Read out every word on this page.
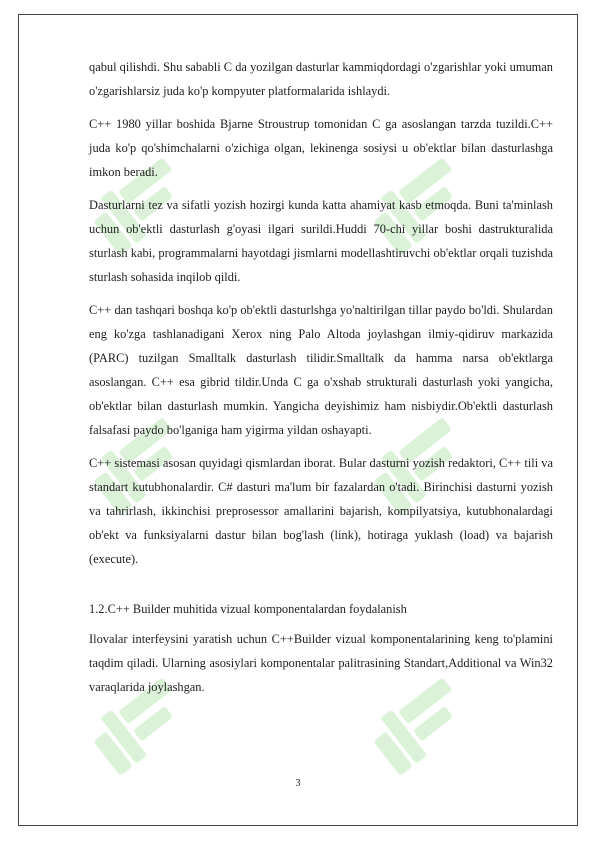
qabul qilishdi. Shu sababli C da yozilgan dasturlar kammiqdordagi o'zgarishlar yoki umuman o'zgarishlarsiz juda ko'p kompyuter platformalarida ishlaydi.

C++ 1980 yillar boshida Bjarne Stroustrup tomonidan C ga asoslangan tarzda tuzildi.C++ juda ko'p qo'shimchalarni o'zichiga olgan, lekinenga sosiysi u ob'ektlar bilan dasturlashga imkon beradi.

Dasturlarni tez va sifatli yozish hozirgi kunda katta ahamiyat kasb etmoqda. Buni ta'minlash uchun ob'ektli dasturlash g'oyasi ilgari surildi.Huddi 70-chi yillar boshi dastrukturalida sturlash kabi, programmalarni hayotdagi jismlarni modellashtiruvchi ob'ektlar orqali tuzishda sturlash sohasida inqilob qildi.

C++ dan tashqari boshqa ko'p ob'ektli dasturlshga yo'naltirilgan tillar paydo bo'ldi. Shulardan eng ko'zga tashlanadigani Xerox ning Palo Altoda joylashgan ilmiy-qidiruv markazida (PARC) tuzilgan Smalltalk dasturlash tilidir.Smalltalk da hamma narsa ob'ektlarga asoslangan. C++ esa gibrid tildir.Unda C ga o'xshab strukturali dasturlash yoki yangicha, ob'ektlar bilan dasturlash mumkin. Yangicha deyishimiz ham nisbiydir.Ob'ektli dasturlash falsafasi paydo bo'lganiga ham yigirma yildan oshayapti.

C++ sistemasi asosan quyidagi qismlardan iborat. Bular dasturni yozish redaktori, C++ tili va standart kutubhonalardir. C# dasturi ma'lum bir fazalardan o'tadi. Birinchisi dasturni yozish va tahrirlash, ikkinchisi preprosessor amallarini bajarish, kompilyatsiya, kutubhonalardagi ob'ekt va funksiyalarni dastur bilan bog'lash (link), hotiraga yuklash (load) va bajarish (execute).

1.2.C++ Builder muhitida vizual komponentalardan foydalanish

Ilovalar interfeysini yaratish uchun C++Builder vizual komponentalarining keng to'plamini taqdim qiladi. Ularning asosiylari komponentalar palitrasining Standart,Additional va Win32 varaqlarida joylashgan.

3
